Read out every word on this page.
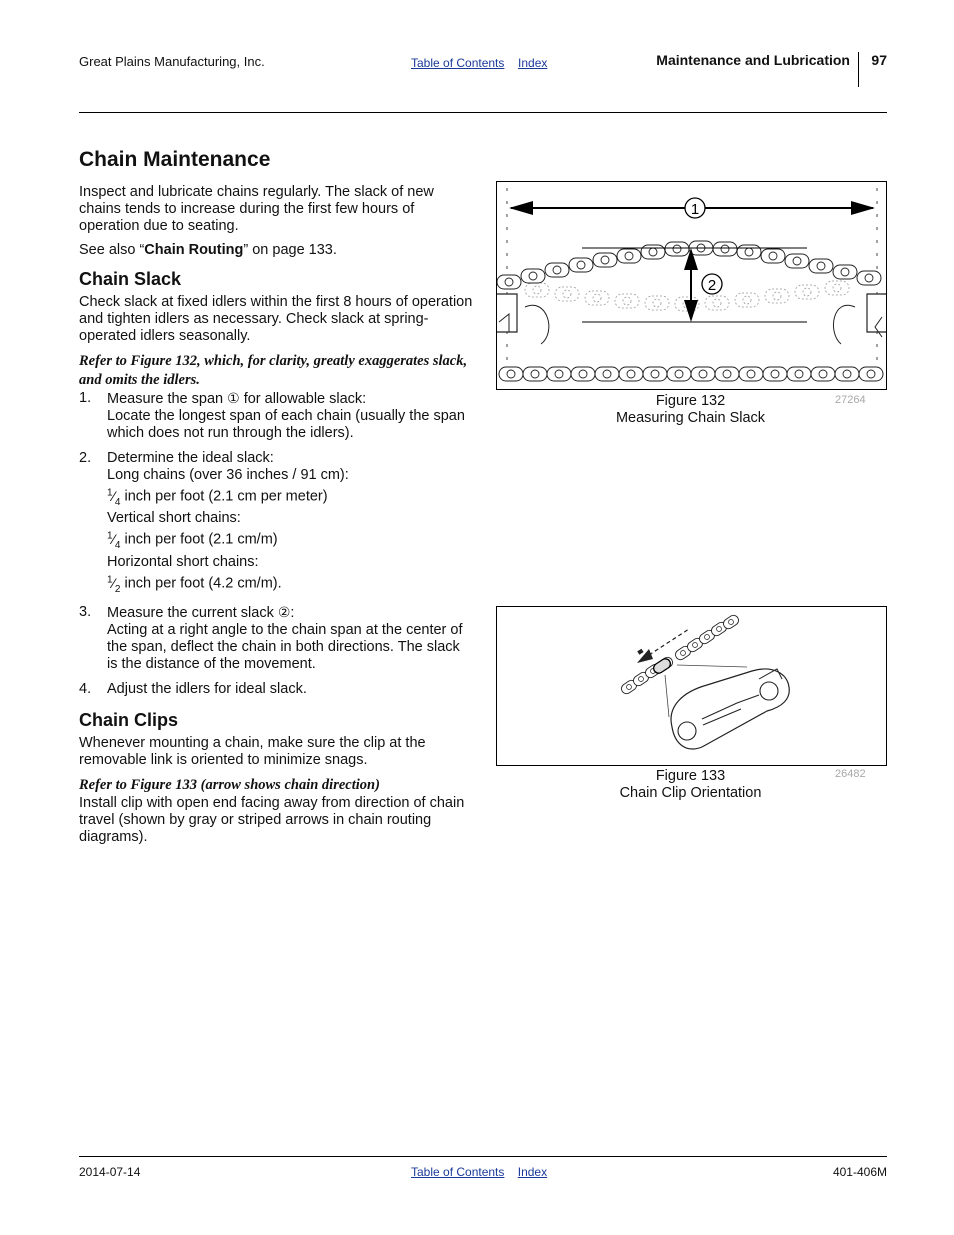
Great Plains Manufacturing, Inc.	Table of Contents Index	Maintenance and Lubrication 97
Chain Maintenance

Inspect and lubricate chains regularly. The slack of new chains tends to increase during the first few hours of operation due to seating.

See also “Chain Routing” on page 133.

Chain Slack

Check slack at fixed idlers within the first 8 hours of operation and tighten idlers as necessary. Check slack at spring-operated idlers seasonally.

Refer to Figure 132, which, for clarity, greatly exaggerates slack, and omits the idlers.
1. Measure the span ① for allowable slack:
Locate the longest span of each chain (usually the span which does not run through the idlers).
2. Determine the ideal slack:
Long chains (over 36 inches / 91 cm):
$^1⁄_4$ inch per foot (2.1 cm per meter)
Vertical short chains:
$^1⁄_4$ inch per foot (2.1 cm/m)
Horizontal short chains:
$^1⁄_2$ inch per foot (4.2 cm/m).
3. Measure the current slack ②:
Acting at a right angle to the chain span at the center of the span, deflect the chain in both directions. The slack is the distance of the movement.
4. Adjust the idlers for ideal slack.
Chain Clips

Whenever mounting a chain, make sure the clip at the removable link is oriented to minimize snags.

Refer to Figure 133 (arrow shows chain direction)

Install clip with open end facing away from direction of chain travel (shown by gray or striped arrows in chain routing diagrams).

1
2
Figure 132
Measuring Chain Slack
27264
Figure 133
Chain Clip Orientation
26482
2014-07-14	Table of Contents Index	401-406M
